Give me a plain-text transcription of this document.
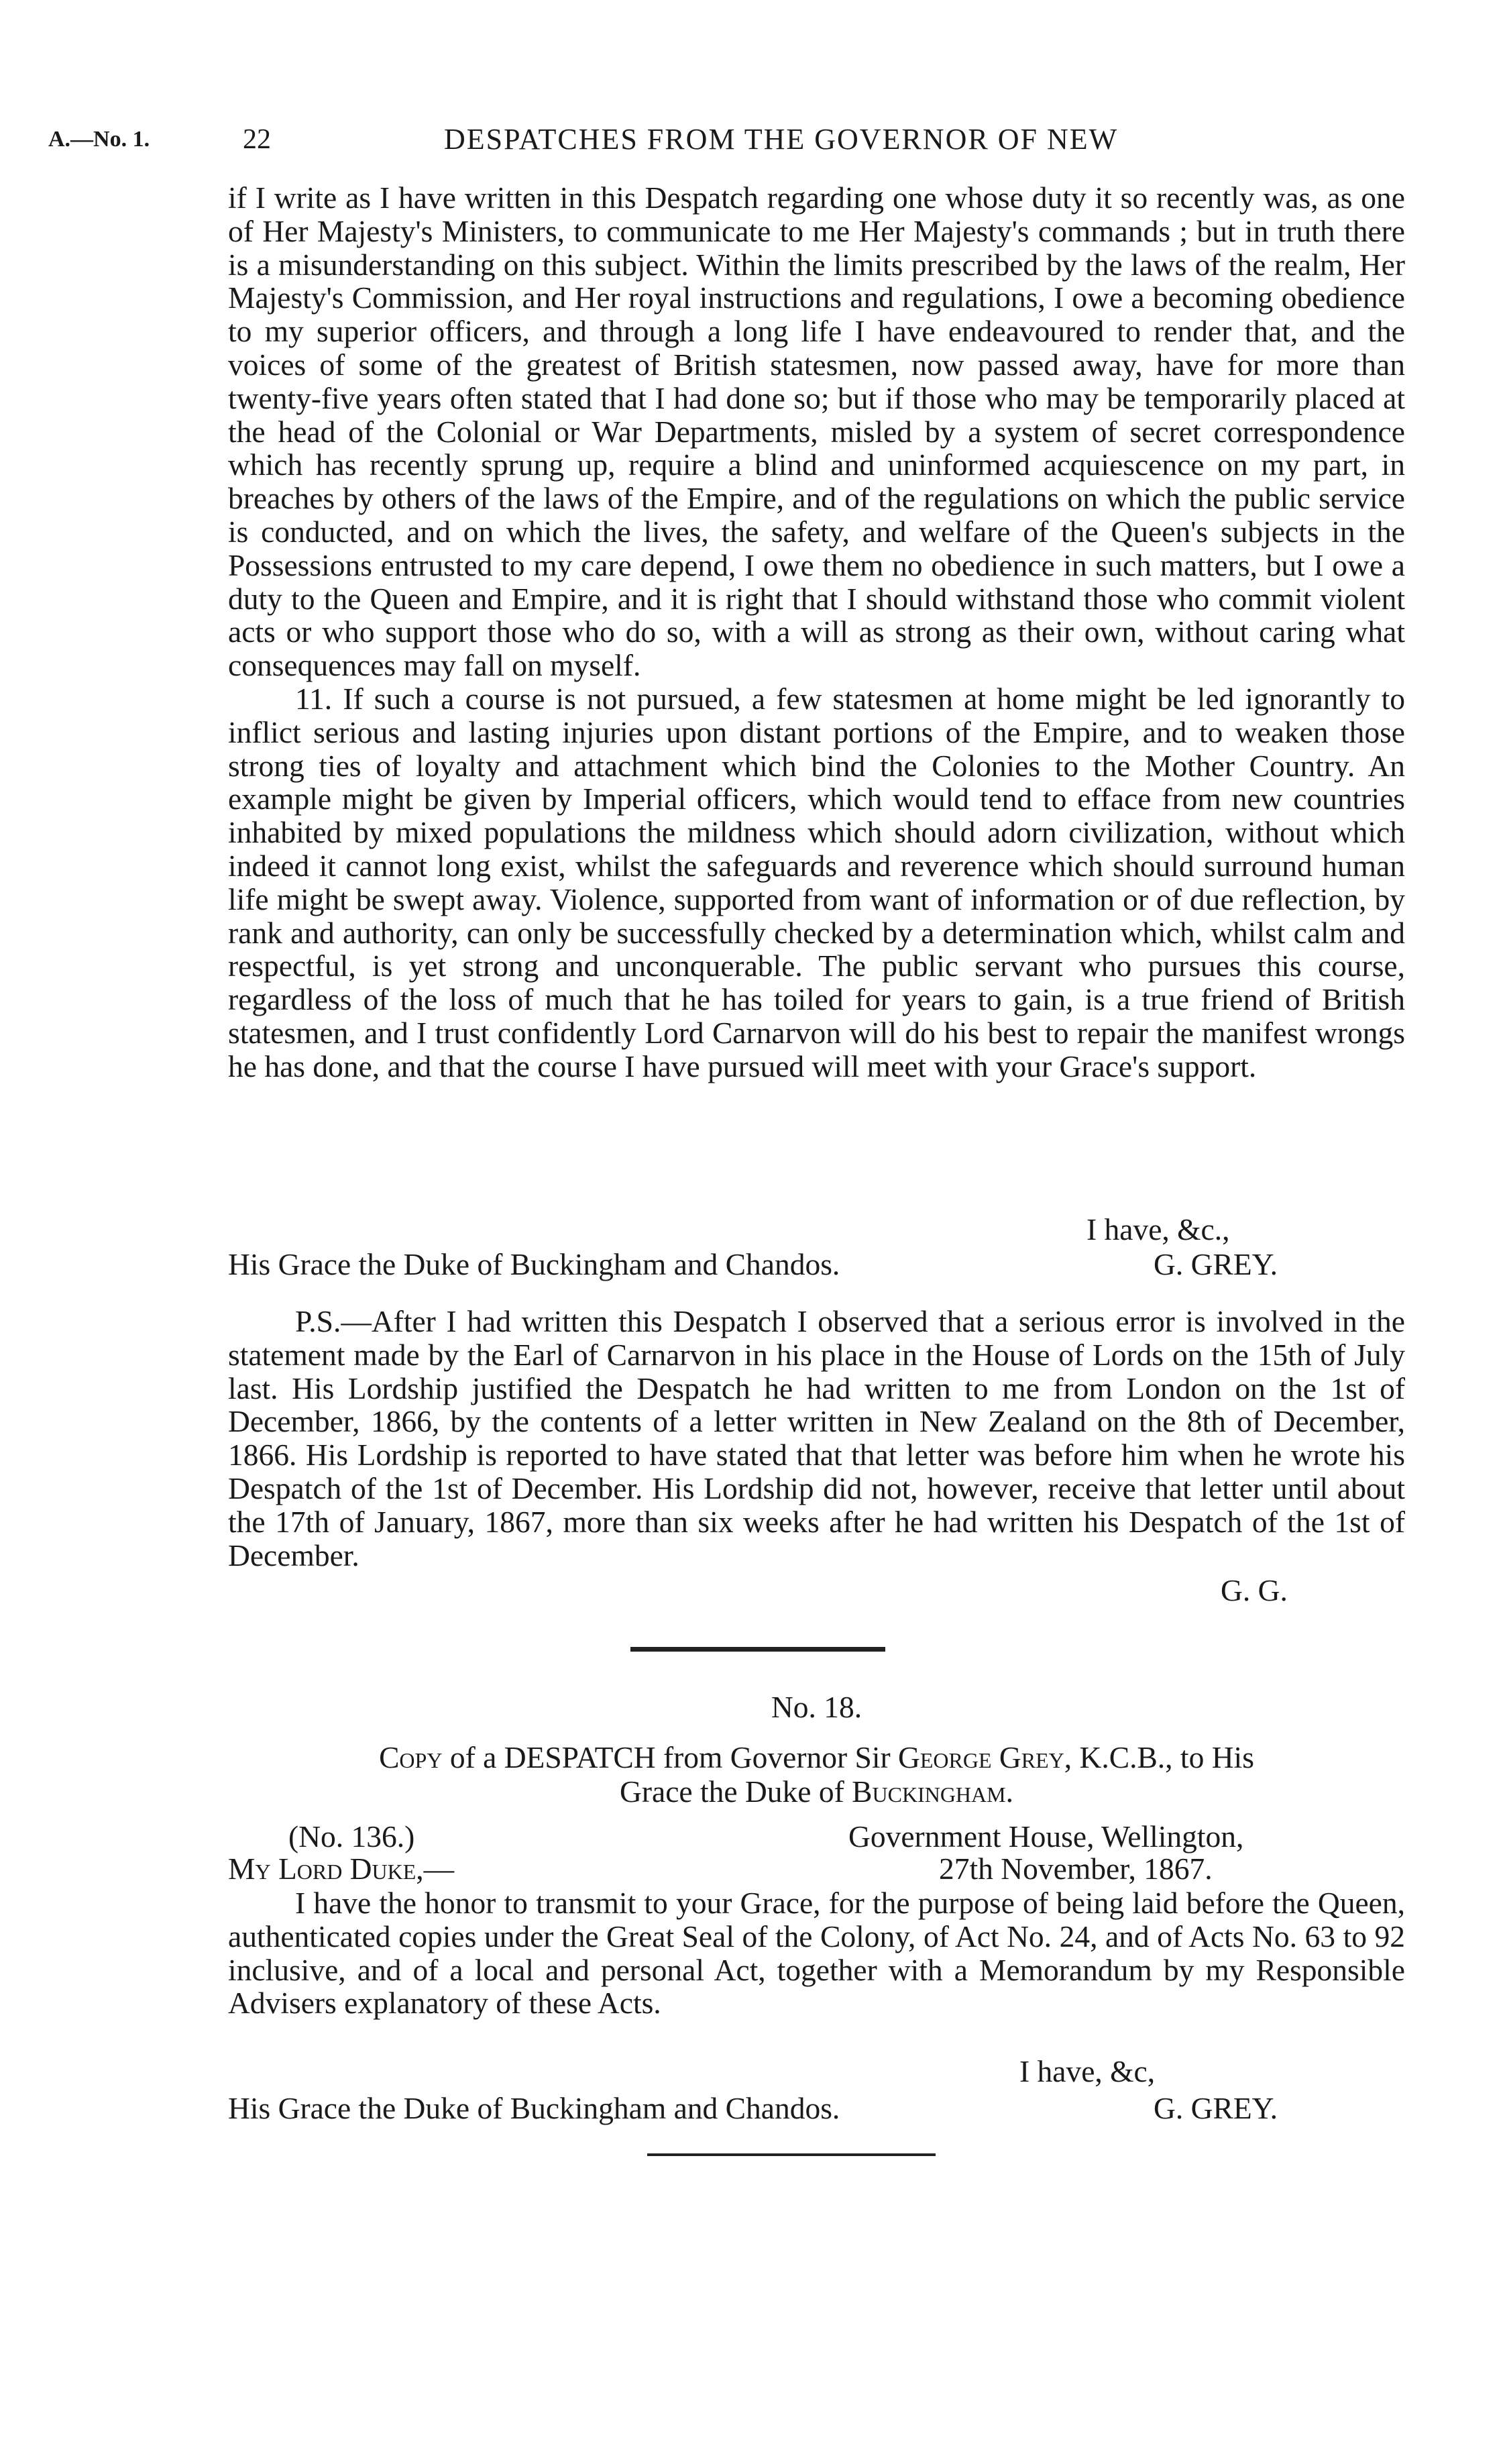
A.—No. 1.	22	DESPATCHES FROM THE GOVERNOR OF NEW

if I write as I have written in this Despatch regarding one whose duty it so recently was, as one of Her Majesty's Ministers, to communicate to me Her Majesty's commands ; but in truth there is a misunderstanding on this subject. Within the limits prescribed by the laws of the realm, Her Majesty's Commission, and Her royal instructions and regulations, I owe a becoming obedience to my superior officers, and through a long life I have endeavoured to render that, and the voices of some of the greatest of British statesmen, now passed away, have for more than twenty-five years often stated that I had done so; but if those who may be temporarily placed at the head of the Colonial or War Departments, misled by a system of secret correspondence which has recently sprung up, require a blind and uninformed acquiescence on my part, in breaches by others of the laws of the Empire, and of the regulations on which the public service is conducted, and on which the lives, the safety, and welfare of the Queen's subjects in the Possessions entrusted to my care depend, I owe them no obedience in such matters, but I owe a duty to the Queen and Empire, and it is right that I should withstand those who commit violent acts or who support those who do so, with a will as strong as their own, without caring what consequences may fall on myself.

11. If such a course is not pursued, a few statesmen at home might be led ignorantly to inflict serious and lasting injuries upon distant portions of the Empire, and to weaken those strong ties of loyalty and attachment which bind the Colonies to the Mother Country. An example might be given by Imperial officers, which would tend to efface from new countries inhabited by mixed populations the mildness which should adorn civilization, without which indeed it cannot long exist, whilst the safeguards and reverence which should surround human life might be swept away. Violence, supported from want of information or of due reflection, by rank and authority, can only be successfully checked by a determination which, whilst calm and respectful, is yet strong and unconquerable. The public servant who pursues this course, regardless of the loss of much that he has toiled for years to gain, is a true friend of British statesmen, and I trust confidently Lord Carnarvon will do his best to repair the manifest wrongs he has done, and that the course I have pursued will meet with your Grace's support.

I have, &c.,
His Grace the Duke of Buckingham and Chandos.	G. GREY.

P.S.—After I had written this Despatch I observed that a serious error is involved in the statement made by the Earl of Carnarvon in his place in the House of Lords on the 15th of July last. His Lordship justified the Despatch he had written to me from London on the 1st of December, 1866, by the contents of a letter written in New Zealand on the 8th of December, 1866. His Lordship is reported to have stated that that letter was before him when he wrote his Despatch of the 1st of December. His Lordship did not, however, receive that letter until about the 17th of January, 1867, more than six weeks after he had written his Despatch of the 1st of December.

G. G.
No. 18.
Copy of a DESPATCH from Governor Sir George Grey, K.C.B., to His
Grace the Duke of Buckingham.
(No. 136.)	Government House, Wellington,
My Lord Duke,—	27th November, 1867.

I have the honor to transmit to your Grace, for the purpose of being laid before the Queen, authenticated copies under the Great Seal of the Colony, of Act No. 24, and of Acts No. 63 to 92 inclusive, and of a local and personal Act, together with a Memorandum by my Responsible Advisers explanatory of these Acts.

I have, &c,
His Grace the Duke of Buckingham and Chandos.	G. GREY.
